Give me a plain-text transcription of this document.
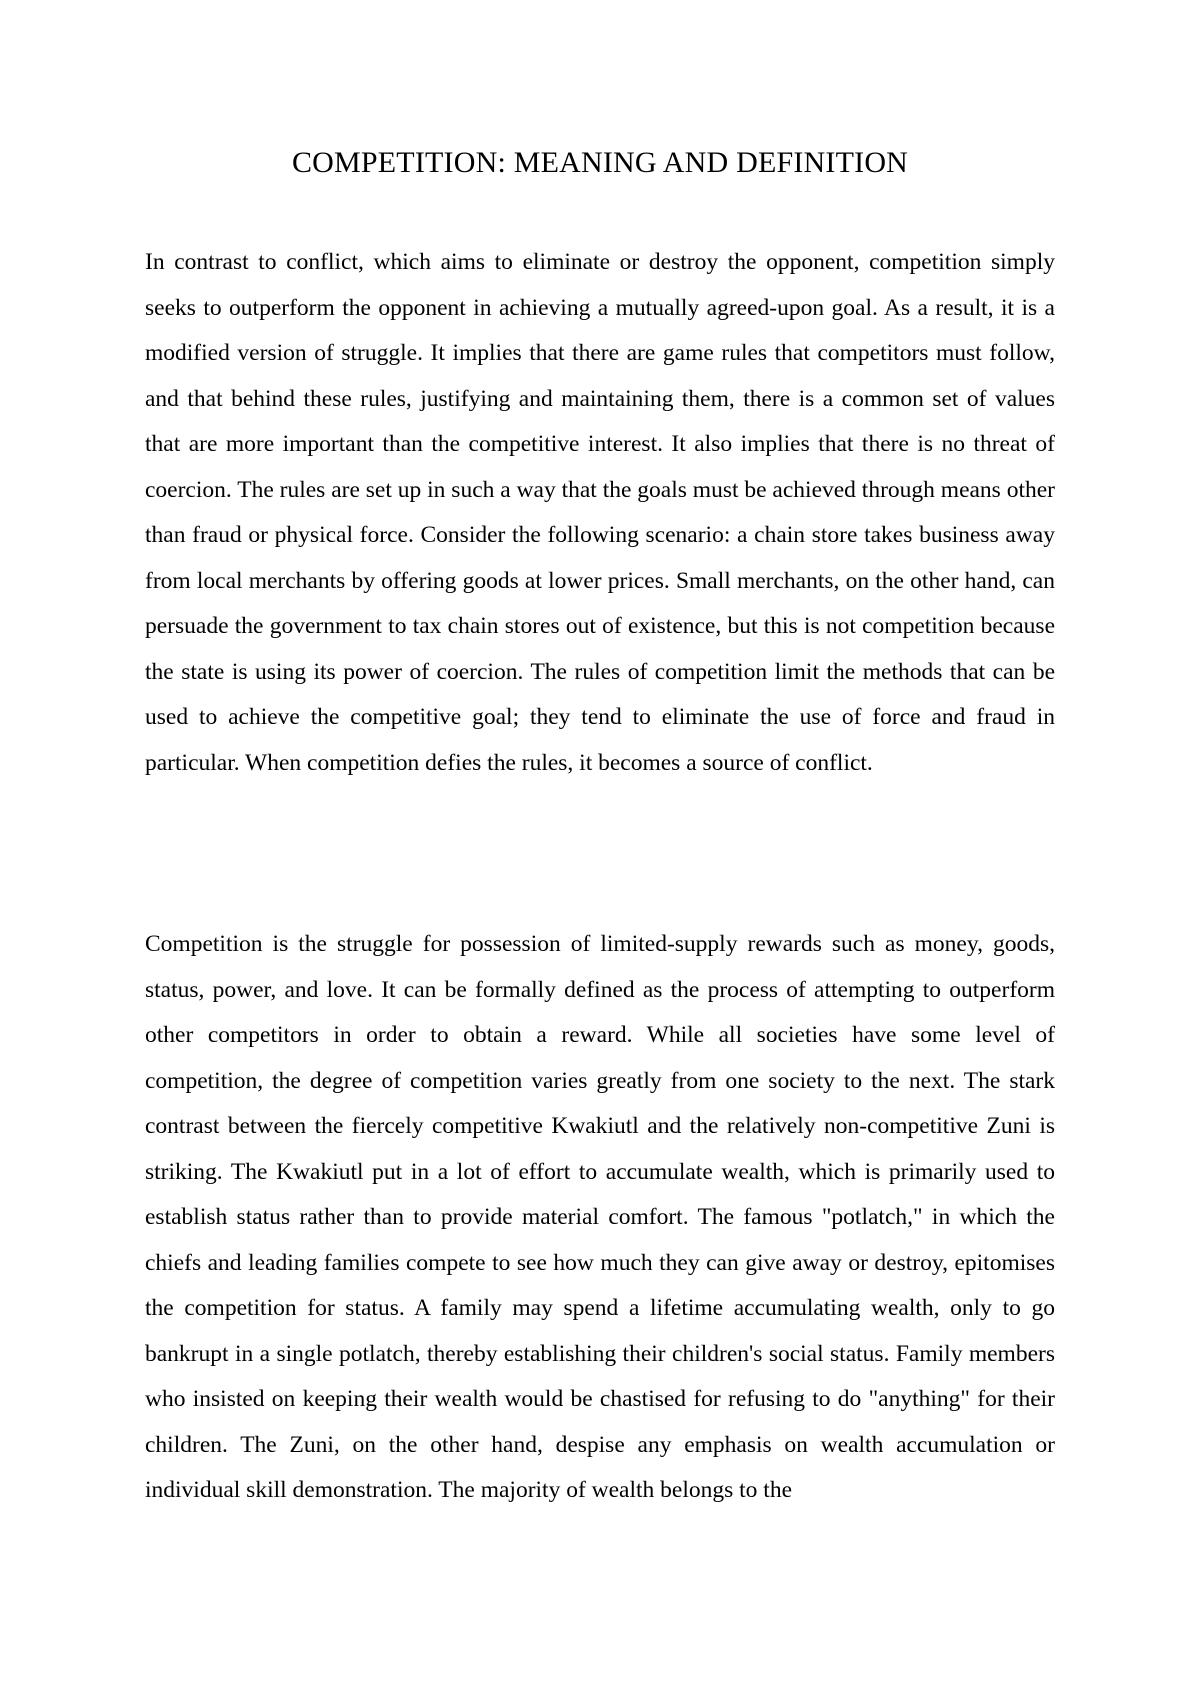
COMPETITION: MEANING AND DEFINITION

In contrast to conflict, which aims to eliminate or destroy the opponent, competition simply seeks to outperform the opponent in achieving a mutually agreed-upon goal. As a result, it is a modified version of struggle. It implies that there are game rules that competitors must follow, and that behind these rules, justifying and maintaining them, there is a common set of values that are more important than the competitive interest. It also implies that there is no threat of coercion. The rules are set up in such a way that the goals must be achieved through means other than fraud or physical force. Consider the following scenario: a chain store takes business away from local merchants by offering goods at lower prices. Small merchants, on the other hand, can persuade the government to tax chain stores out of existence, but this is not competition because the state is using its power of coercion. The rules of competition limit the methods that can be used to achieve the competitive goal; they tend to eliminate the use of force and fraud in particular. When competition defies the rules, it becomes a source of conflict.

Competition is the struggle for possession of limited-supply rewards such as money, goods, status, power, and love. It can be formally defined as the process of attempting to outperform other competitors in order to obtain a reward. While all societies have some level of competition, the degree of competition varies greatly from one society to the next. The stark contrast between the fiercely competitive Kwakiutl and the relatively non-competitive Zuni is striking. The Kwakiutl put in a lot of effort to accumulate wealth, which is primarily used to establish status rather than to provide material comfort. The famous "potlatch," in which the chiefs and leading families compete to see how much they can give away or destroy, epitomises the competition for status. A family may spend a lifetime accumulating wealth, only to go bankrupt in a single potlatch, thereby establishing their children's social status. Family members who insisted on keeping their wealth would be chastised for refusing to do "anything" for their children. The Zuni, on the other hand, despise any emphasis on wealth accumulation or individual skill demonstration. The majority of wealth belongs to the
